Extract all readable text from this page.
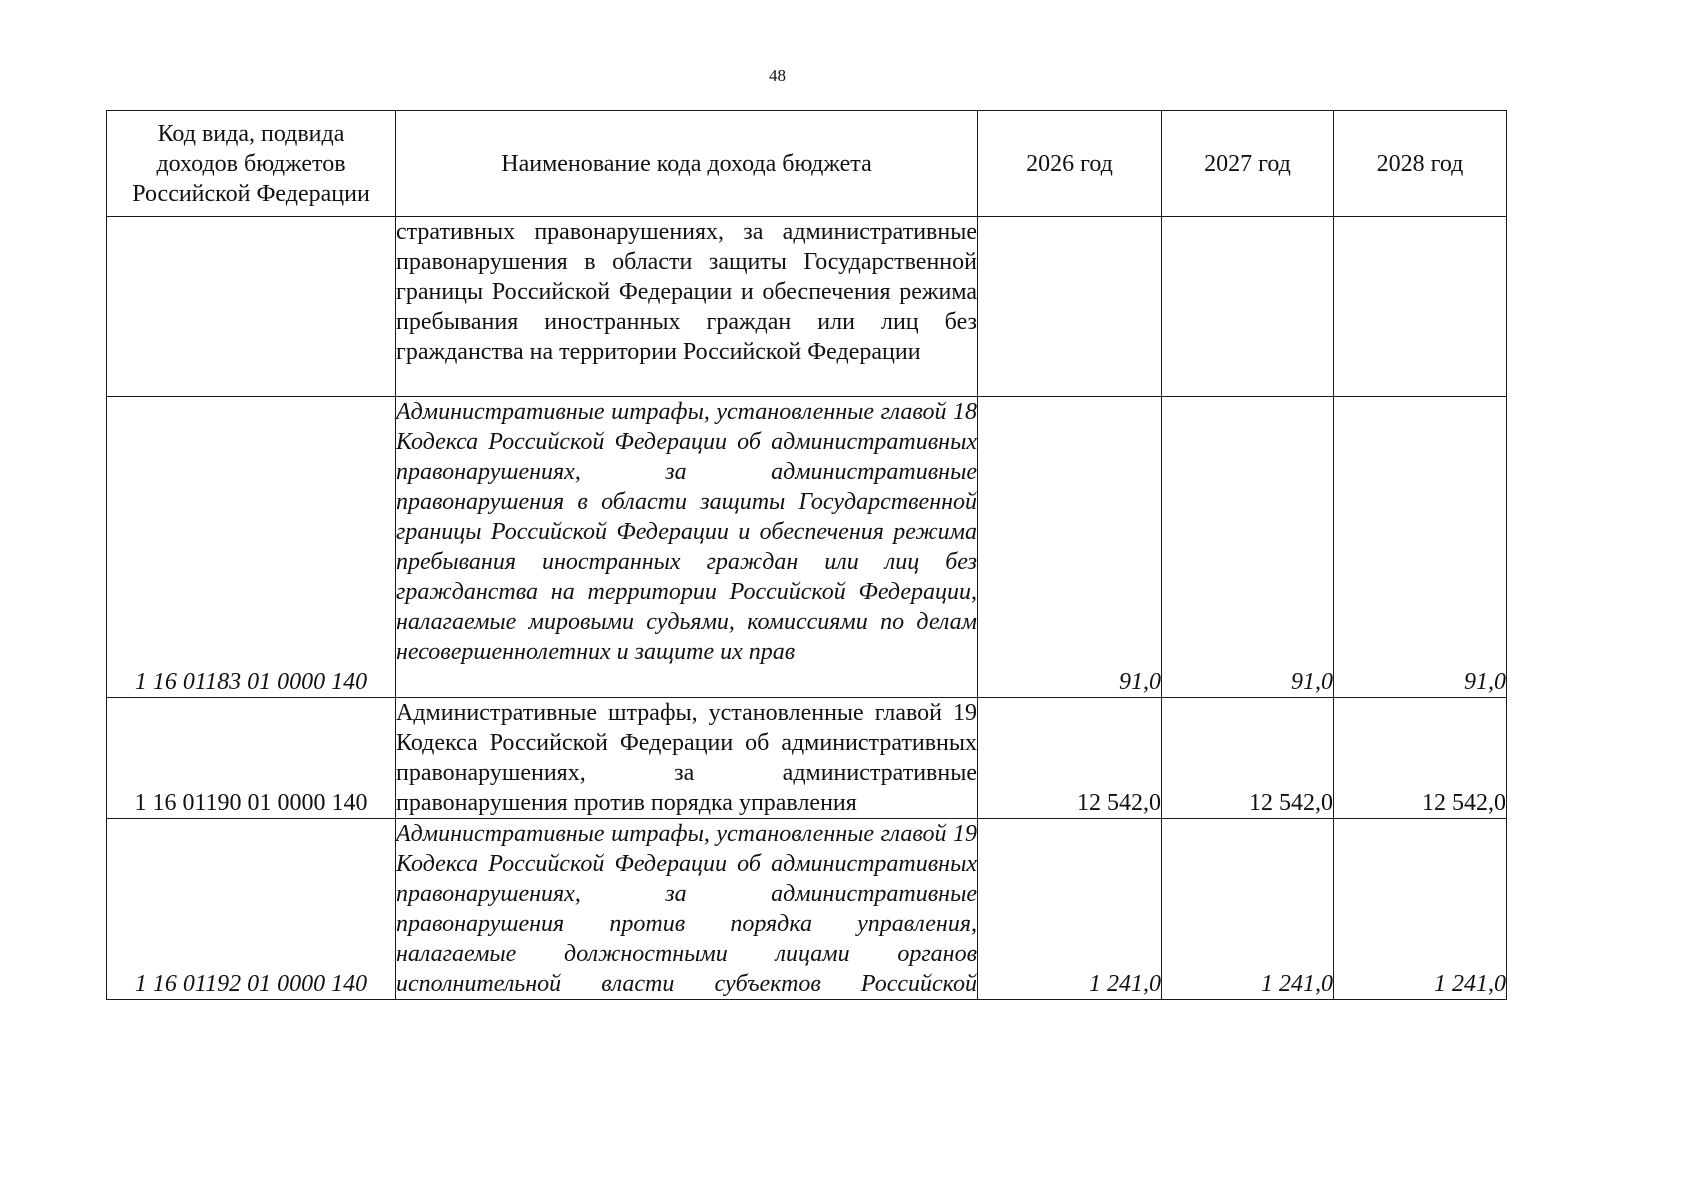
48
Код вида, подвида доходов бюджетов Российской Федерации	Наименование кода дохода бюджета	2026 год	2027 год	2028 год
	стративных правонарушениях, за административные правонарушения в области защиты Государственной границы Российской Федерации и обеспечения режима пребывания иностранных граждан или лиц без гражданства на территории Российской Федерации			
1 16 01183 01 0000 140	Административные штрафы, установленные главой 18 Кодекса Российской Федерации об административных правонарушениях, за административные правонарушения в области защиты Государственной границы Российской Федерации и обеспечения режима пребывания иностранных граждан или лиц без гражданства на территории Российской Федерации, налагаемые мировыми судьями, комиссиями по делам несовершеннолетних и защите их прав	91,0	91,0	91,0
1 16 01190 01 0000 140	Административные штрафы, установленные главой 19 Кодекса Российской Федерации об административных правонарушениях, за административные правонарушения против порядка управления	12 542,0	12 542,0	12 542,0
1 16 01192 01 0000 140	Административные штрафы, установленные главой 19 Кодекса Российской Федерации об административных правонарушениях, за административные правонарушения против порядка управления, налагаемые должностными лицами органов исполнительной власти субъектов Российской	1 241,0	1 241,0	1 241,0
